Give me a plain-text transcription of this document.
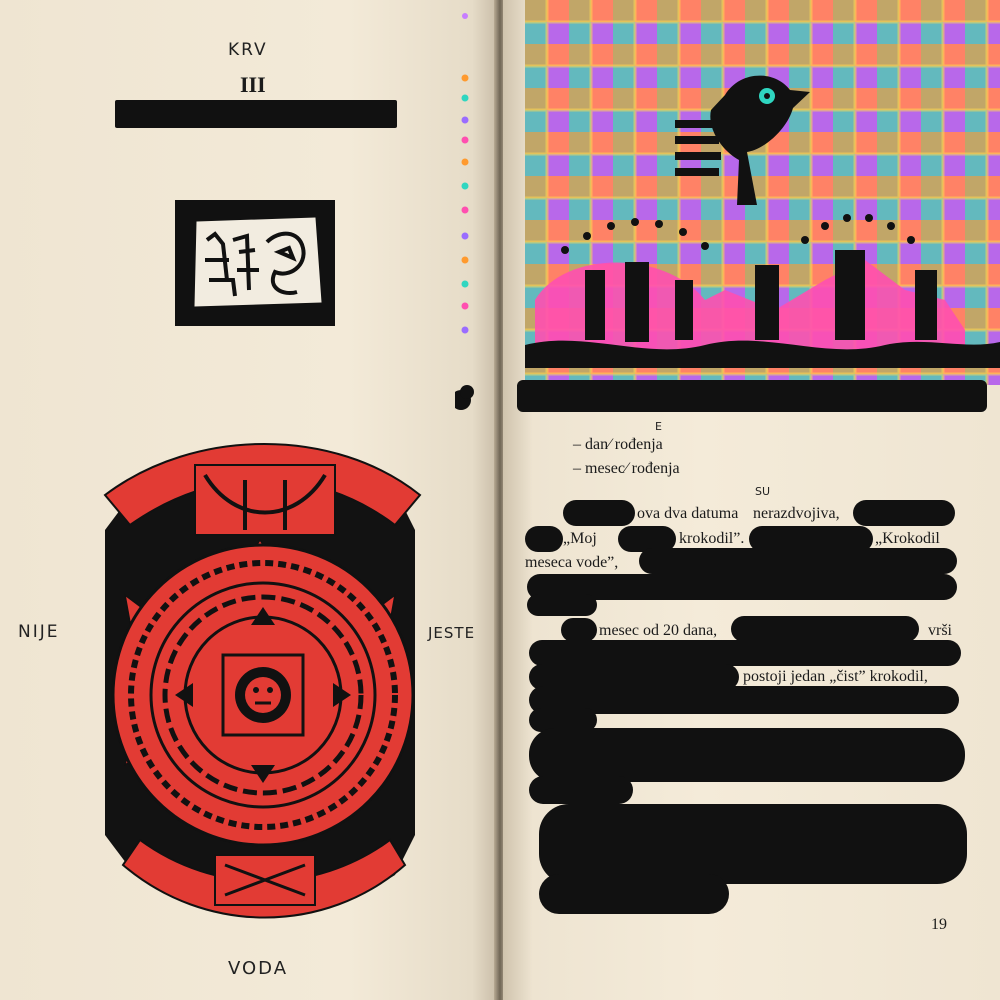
KRV
III
NIJE	JESTE
VODA
– dan⁄ rođenja
E
– mesec⁄ rođenja
ova dva datuma
SU
nerazdvojiva,
„Moj	krokodil”.	„Krokodil
meseca vode”,
mesec od 20 dana,	vrši
postoji jedan „čist” krokodil,
19
